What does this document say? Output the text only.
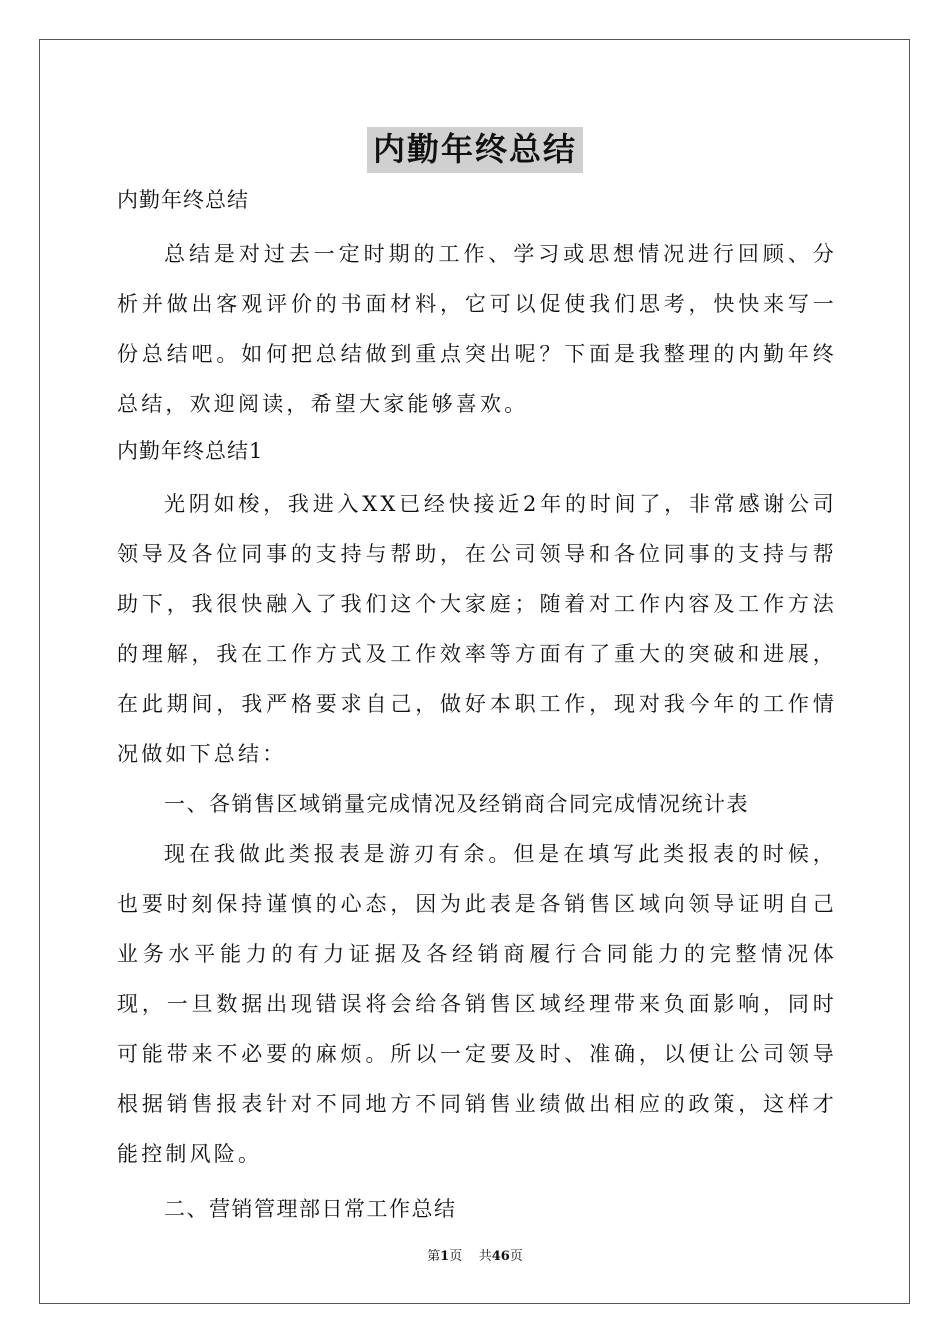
内勤年终总结
内勤年终总结
总结是对过去一定时期的工作、学习或思想情况进行回顾、分析并做出客观评价的书面材料，它可以促使我们思考，快快来写一份总结吧。如何把总结做到重点突出呢？下面是我整理的内勤年终总结，欢迎阅读，希望大家能够喜欢。
内勤年终总结1
光阴如梭，我进入XX已经快接近2年的时间了，非常感谢公司领导及各位同事的支持与帮助，在公司领导和各位同事的支持与帮助下，我很快融入了我们这个大家庭；随着对工作内容及工作方法的理解，我在工作方式及工作效率等方面有了重大的突破和进展，在此期间，我严格要求自己，做好本职工作，现对我今年的工作情况做如下总结：
一、各销售区域销量完成情况及经销商合同完成情况统计表
现在我做此类报表是游刃有余。但是在填写此类报表的时候，也要时刻保持谨慎的心态，因为此表是各销售区域向领导证明自己业务水平能力的有力证据及各经销商履行合同能力的完整情况体现，一旦数据出现错误将会给各销售区域经理带来负面影响，同时可能带来不必要的麻烦。所以一定要及时、准确，以便让公司领导根据销售报表针对不同地方不同销售业绩做出相应的政策，这样才能控制风险。
二、营销管理部日常工作总结
第1页 共46页
